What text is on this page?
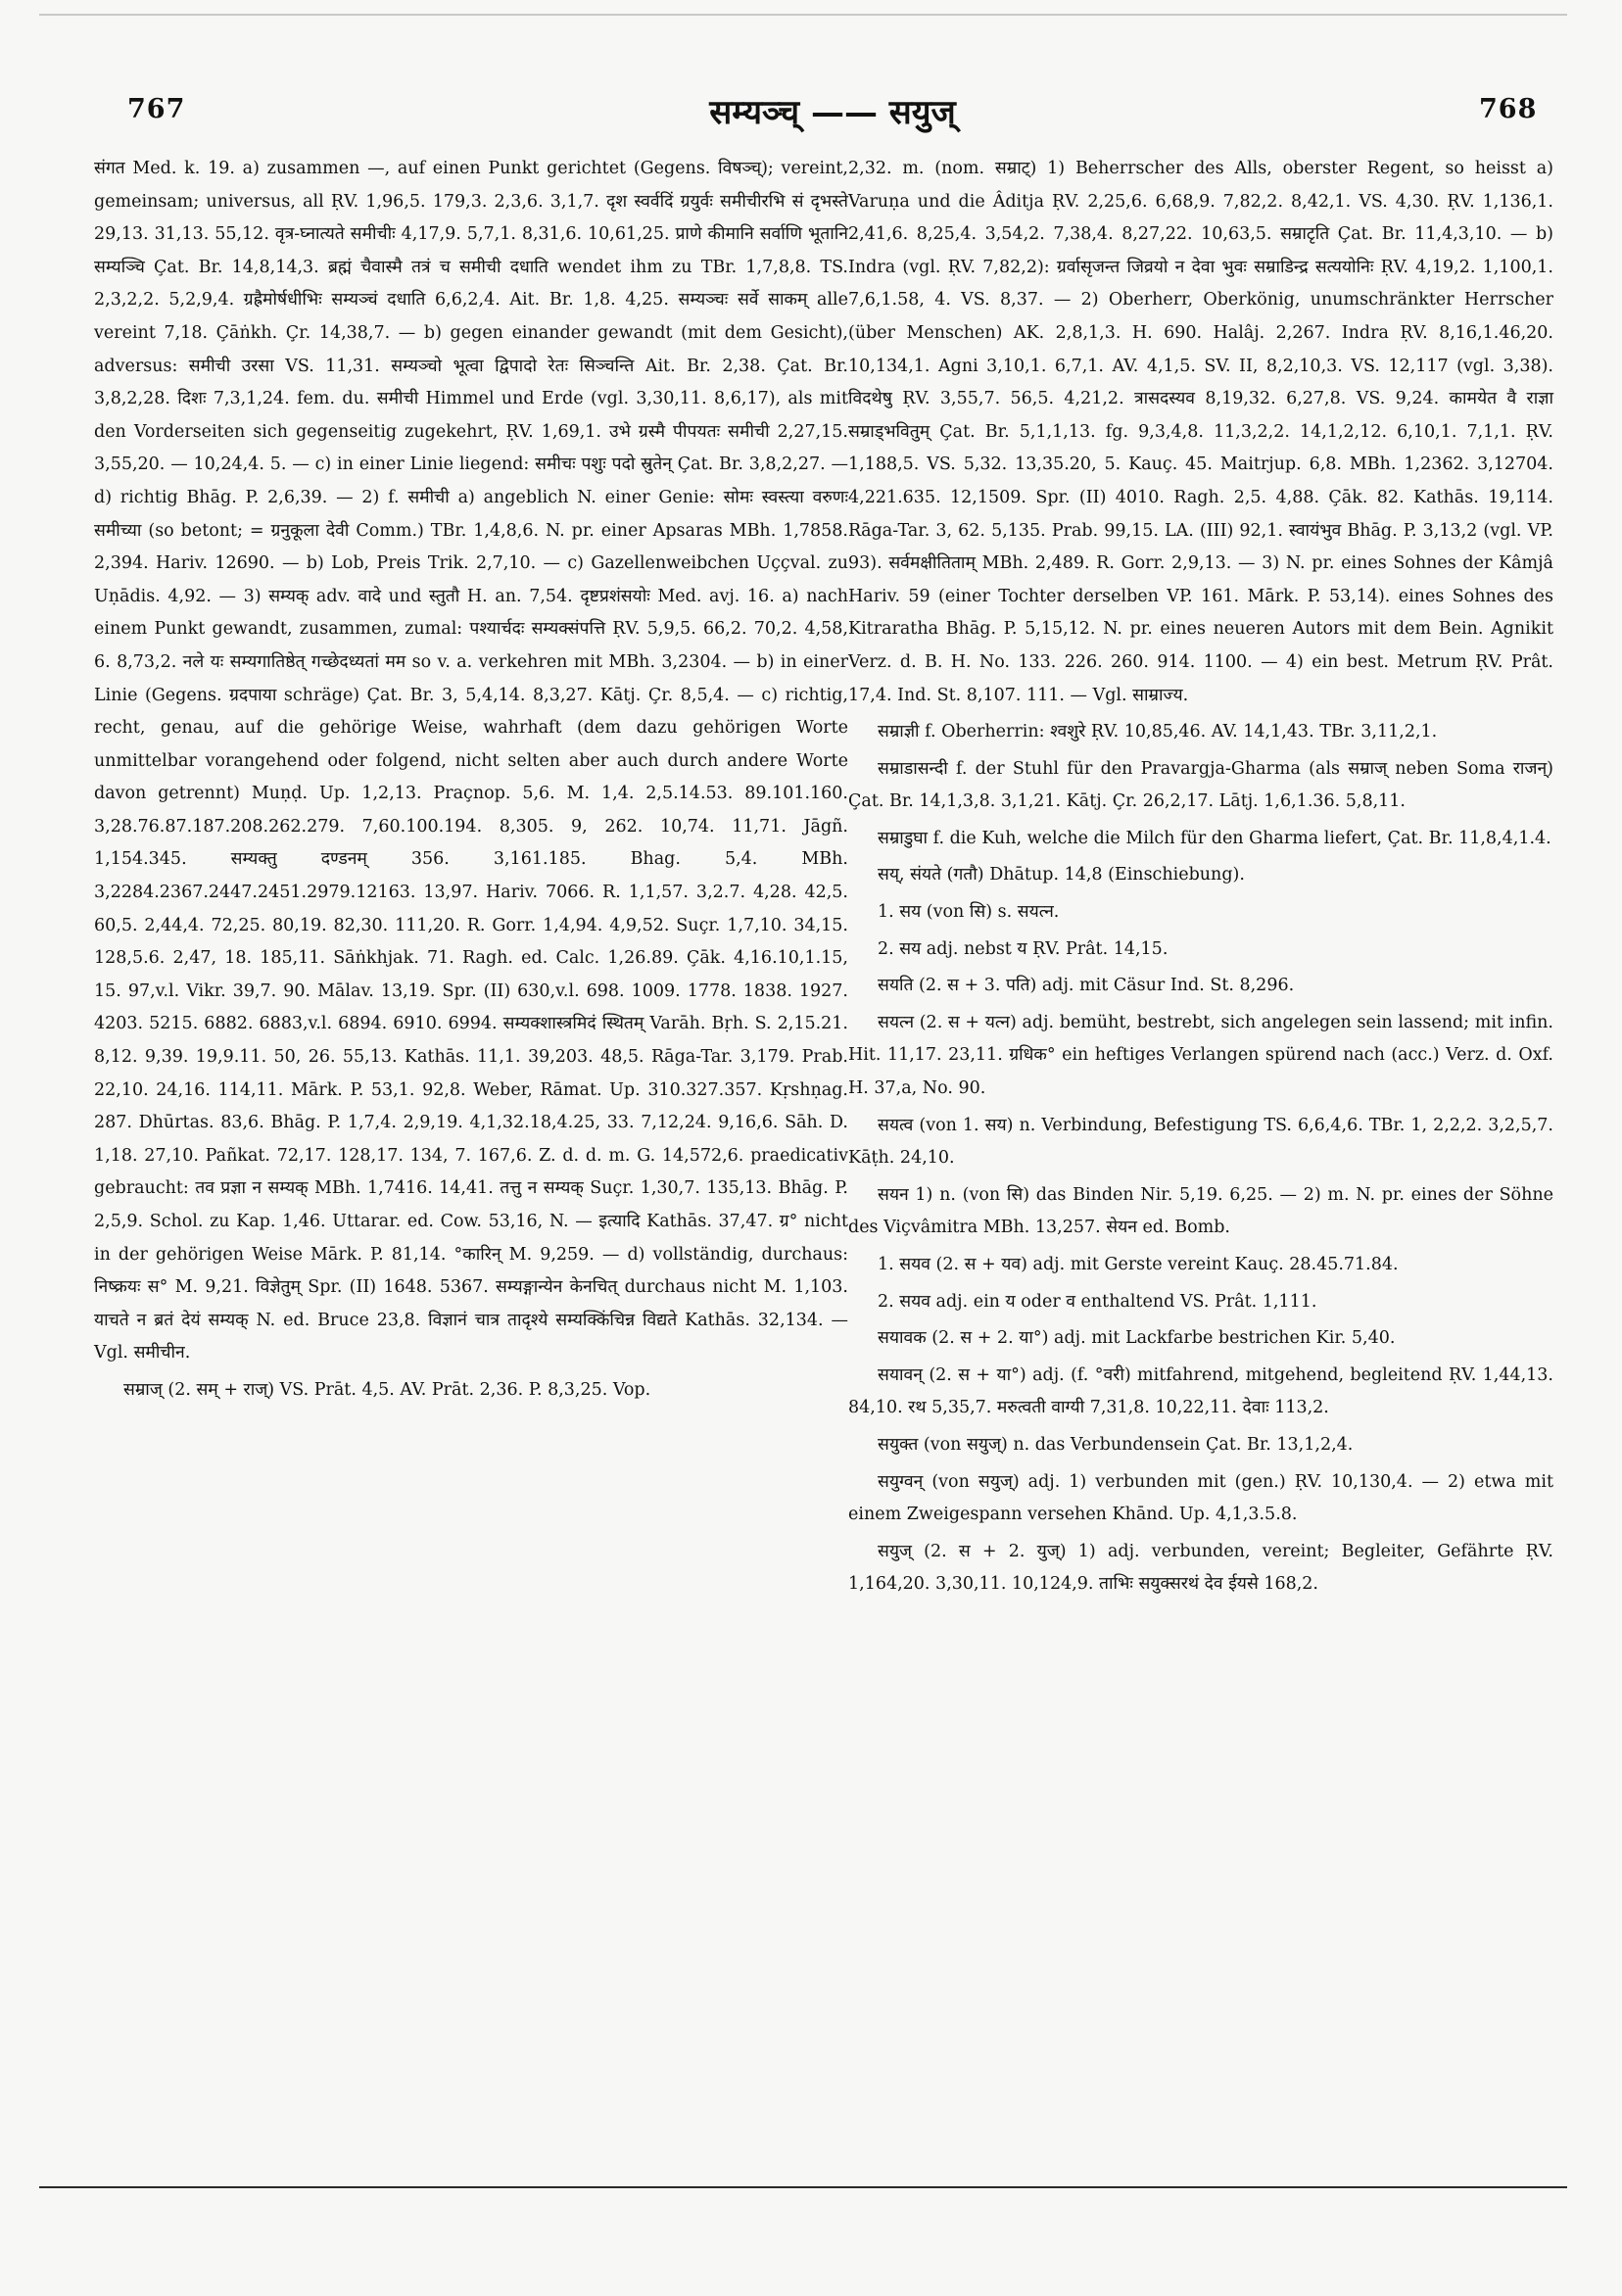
767	सम्यञ्च् —— सयुज्	768

संगत Med. k. 19. a) zusammen —, auf einen Punkt gerichtet (Gegens. विषञ्च्); vereint, gemeinsam; universus, all ṚV. 1,96,5. 179,3. 2,3,6. 3,1,7. दृश स्वर्वदिं ग्रयुर्वः समीचीरभि सं दृभस्ते 29,13. 31,13. 55,12. वृत्र-घ्नात्यते समीचीः 4,17,9. 5,7,1. 8,31,6. 10,61,25. प्राणे कीमानि सर्वाणि भूतानि सम्यञ्चि Çat. Br. 14,8,14,3. ब्रह्मं चैवास्मै तत्रं च समीची दधाति wendet ihm zu TBr. 1,7,8,8. TS. 2,3,2,2. 5,2,9,4. ग्रह्रैमोर्षधीभिः सम्यञ्चं दधाति 6,6,2,4. Ait. Br. 1,8. 4,25. सम्यञ्चः सर्वे साकम् alle vereint 7,18. Çāṅkh. Çr. 14,38,7. — b) gegen einander gewandt (mit dem Gesicht), adversus: समीची उरसा VS. 11,31. सम्यञ्चो भूत्वा द्विपादो रेतः सिञ्चन्ति Ait. Br. 2,38. Çat. Br. 3,8,2,28. दिशः 7,3,1,24. fem. du. समीची Himmel und Erde (vgl. 3,30,11. 8,6,17), als mit den Vorderseiten sich gegenseitig zugekehrt, ṚV. 1,69,1. उभे ग्रस्मै पीपयतः समीची 2,27,15. 3,55,20. — 10,24,4. 5. — c) in einer Linie liegend: समीचः पशुः पदो स्रुतेन् Çat. Br. 3,8,2,27. — d) richtig Bhāg. P. 2,6,39. — 2) f. समीची a) angeblich N. einer Genie: सोमः स्वस्त्या वरुणः समीच्या (so betont; = ग्रनुकूला देवी Comm.) TBr. 1,4,8,6. N. pr. einer Apsaras MBh. 1,7858. 2,394. Hariv. 12690. — b) Lob, Preis Trik. 2,7,10. — c) Gazellenweibchen Uççval. zu Uṇādis. 4,92. — 3) सम्यक् adv. वादे und स्तुतौ H. an. 7,54. दृष्टप्रशंसयोः Med. avj. 16. a) nach einem Punkt gewandt, zusammen, zumal: पश्यार्चदः सम्यक्संपत्ति ṚV. 5,9,5. 66,2. 70,2. 4,58, 6. 8,73,2. नले यः सम्यगातिष्ठेत् गच्छेदध्यतां मम so v. a. verkehren mit MBh. 3,2304. — b) in einer Linie (Gegens. ग्रदपाया schräge) Çat. Br. 3, 5,4,14. 8,3,27. Kātj. Çr. 8,5,4. — c) richtig, recht, genau, auf die gehörige Weise, wahrhaft (dem dazu gehörigen Worte unmittelbar vorangehend oder folgend, nicht selten aber auch durch andere Worte davon getrennt) Muṇḍ. Up. 1,2,13. Praçnop. 5,6. M. 1,4. 2,5.14.53. 89.101.160. 3,28.76.87.187.208.262.279. 7,60.100.194. 8,305. 9, 262. 10,74. 11,71. Jāgñ. 1,154.345. सम्यक्तु दण्डनम् 356. 3,161.185. Bhag. 5,4. MBh. 3,2284.2367.2447.2451.2979.12163. 13,97. Hariv. 7066. R. 1,1,57. 3,2.7. 4,28. 42,5. 60,5. 2,44,4. 72,25. 80,19. 82,30. 111,20. R. Gorr. 1,4,94. 4,9,52. Suçr. 1,7,10. 34,15. 128,5.6. 2,47, 18. 185,11. Sāṅkhjak. 71. Ragh. ed. Calc. 1,26.89. Çāk. 4,16.10,1.15, 15. 97,v.l. Vikr. 39,7. 90. Mālav. 13,19. Spr. (II) 630,v.l. 698. 1009. 1778. 1838. 1927. 4203. 5215. 6882. 6883,v.l. 6894. 6910. 6994. सम्यक्शास्त्रमिदं स्थितम् Varāh. Bṛh. S. 2,15.21. 8,12. 9,39. 19,9.11. 50, 26. 55,13. Kathās. 11,1. 39,203. 48,5. Rāga-Tar. 3,179. Prab. 22,10. 24,16. 114,11. Mārk. P. 53,1. 92,8. Weber, Rāmat. Up. 310.327.357. Kṛshṇag. 287. Dhūrtas. 83,6. Bhāg. P. 1,7,4. 2,9,19. 4,1,32.18,4.25, 33. 7,12,24. 9,16,6. Sāh. D. 1,18. 27,10. Pañkat. 72,17. 128,17. 134, 7. 167,6. Z. d. d. m. G. 14,572,6. praedicativ gebraucht: तव प्रज्ञा न सम्यक् MBh. 1,7416. 14,41. तत्तु न सम्यक् Suçr. 1,30,7. 135,13. Bhāg. P. 2,5,9. Schol. zu Kap. 1,46. Uttarar. ed. Cow. 53,16, N. — इत्यादि Kathās. 37,47. ग्र° nicht in der gehörigen Weise Mārk. P. 81,14. °कारिन् M. 9,259. — d) vollständig, durchaus: निष्क्रयः स° M. 9,21. विज्ञेतुम् Spr. (II) 1648. 5367. सम्यङ्गान्येन केनचित् durchaus nicht M. 1,103. याचते न ब्रतं देयं सम्यक् N. ed. Bruce 23,8. विज्ञानं चात्र तादृश्ये सम्यक्किंचिन्न विद्यते Kathās. 32,134. — Vgl. समीचीन.

सम्राज् (2. सम् + राज्) VS. Prāt. 4,5. AV. Prāt. 2,36. P. 8,3,25. Vop.

2,32. m. (nom. सम्राट्) 1) Beherrscher des Alls, oberster Regent, so heisst a) Varuṇa und die Âditja ṚV. 2,25,6. 6,68,9. 7,82,2. 8,42,1. VS. 4,30. ṚV. 1,136,1. 2,41,6. 8,25,4. 3,54,2. 7,38,4. 8,27,22. 10,63,5. सम्राटृति Çat. Br. 11,4,3,10. — b) Indra (vgl. ṚV. 7,82,2): ग्रर्वासृजन्त जिव्रयो न देवा भुवः सम्राडिन्द्र सत्ययोनिः ṚV. 4,19,2. 1,100,1. 7,6,1.58, 4. VS. 8,37. — 2) Oberherr, Oberkönig, unumschränkter Herrscher (über Menschen) AK. 2,8,1,3. H. 690. Halâj. 2,267. Indra ṚV. 8,16,1.46,20. 10,134,1. Agni 3,10,1. 6,7,1. AV. 4,1,5. SV. II, 8,2,10,3. VS. 12,117 (vgl. 3,38). विदथेषु ṚV. 3,55,7. 56,5. 4,21,2. त्रासदस्यव 8,19,32. 6,27,8. VS. 9,24. कामयेत वै राज्ञा सम्राड्भवितुम् Çat. Br. 5,1,1,13. fg. 9,3,4,8. 11,3,2,2. 14,1,2,12. 6,10,1. 7,1,1. ṚV. 1,188,5. VS. 5,32. 13,35.20, 5. Kauç. 45. Maitrjup. 6,8. MBh. 1,2362. 3,12704. 4,221.635. 12,1509. Spr. (II) 4010. Ragh. 2,5. 4,88. Çāk. 82. Kathās. 19,114. Rāga-Tar. 3, 62. 5,135. Prab. 99,15. LA. (III) 92,1. स्वायंभुव Bhāg. P. 3,13,2 (vgl. VP. 93). सर्वमक्षीतिताम् MBh. 2,489. R. Gorr. 2,9,13. — 3) N. pr. eines Sohnes der Kâmjâ Hariv. 59 (einer Tochter derselben VP. 161. Mārk. P. 53,14). eines Sohnes des Kitraratha Bhāg. P. 5,15,12. N. pr. eines neueren Autors mit dem Bein. Agnikit Verz. d. B. H. No. 133. 226. 260. 914. 1100. — 4) ein best. Metrum ṚV. Prât. 17,4. Ind. St. 8,107. 111. — Vgl. साम्राज्य.

सम्राज्ञी f. Oberherrin: श्वशुरे ṚV. 10,85,46. AV. 14,1,43. TBr. 3,11,2,1.

सम्राडासन्दी f. der Stuhl für den Pravargja-Gharma (als सम्राज् neben Soma राजन्) Çat. Br. 14,1,3,8. 3,1,21. Kātj. Çr. 26,2,17. Lātj. 1,6,1.36. 5,8,11.

सम्राडुघा f. die Kuh, welche die Milch für den Gharma liefert, Çat. Br. 11,8,4,1.4.

सय्, संयते (गतौ) Dhātup. 14,8 (Einschiebung).

1. सय (von सि) s. सयत्न.

2. सय adj. nebst य ṚV. Prât. 14,15.

सयति (2. स + 3. पति) adj. mit Cäsur Ind. St. 8,296.

सयत्न (2. स + यत्न) adj. bemüht, bestrebt, sich angelegen sein lassend; mit infin. Hit. 11,17. 23,11. ग्रधिक° ein heftiges Verlangen spürend nach (acc.) Verz. d. Oxf. H. 37,a, No. 90.

सयत्व (von 1. सय) n. Verbindung, Befestigung TS. 6,6,4,6. TBr. 1, 2,2,2. 3,2,5,7. Kāṭh. 24,10.

सयन 1) n. (von सि) das Binden Nir. 5,19. 6,25. — 2) m. N. pr. eines der Söhne des Viçvâmitra MBh. 13,257. सेयन ed. Bomb.

1. सयव (2. स + यव) adj. mit Gerste vereint Kauç. 28.45.71.84.

2. सयव adj. ein य oder व enthaltend VS. Prât. 1,111.

सयावक (2. स + 2. या°) adj. mit Lackfarbe bestrichen Kir. 5,40.

सयावन् (2. स + या°) adj. (f. °वरी) mitfahrend, mitgehend, begleitend ṚV. 1,44,13. 84,10. रथ 5,35,7. मरुत्वती वाग्यी 7,31,8. 10,22,11. देवाः 113,2.

सयुक्त (von सयुज्) n. das Verbundensein Çat. Br. 13,1,2,4.

सयुग्वन् (von सयुज्) adj. 1) verbunden mit (gen.) ṚV. 10,130,4. — 2) etwa mit einem Zweigespann versehen Khānd. Up. 4,1,3.5.8.

सयुज् (2. स + 2. युज्) 1) adj. verbunden, vereint; Begleiter, Gefährte ṚV. 1,164,20. 3,30,11. 10,124,9. ताभिः सयुक्सरथं देव ईयसे 168,2.
